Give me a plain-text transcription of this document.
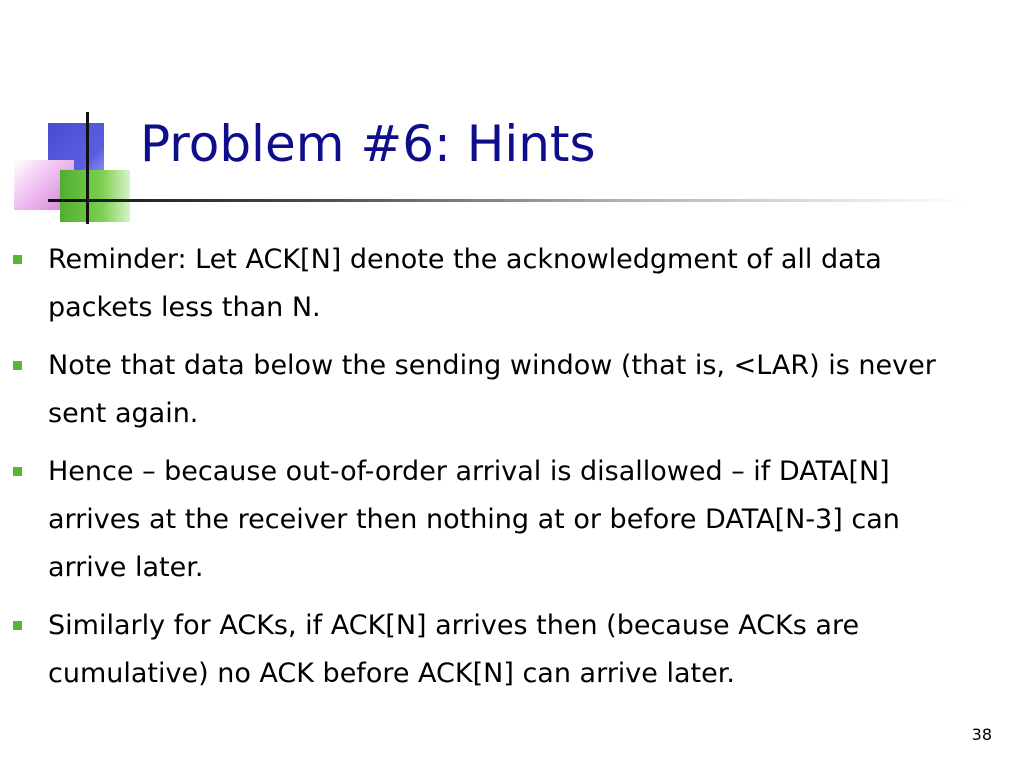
Problem #6: Hints
Reminder: Let ACK[N] denote the acknowledgment of all data packets less than N.
Note that data below the sending window (that is, <LAR) is never sent again.
Hence – because out-of-order arrival is disallowed – if DATA[N] arrives at the receiver then nothing at or before DATA[N-3] can arrive later.
Similarly for ACKs, if ACK[N] arrives then (because ACKs are cumulative) no ACK before ACK[N] can arrive later.
38
